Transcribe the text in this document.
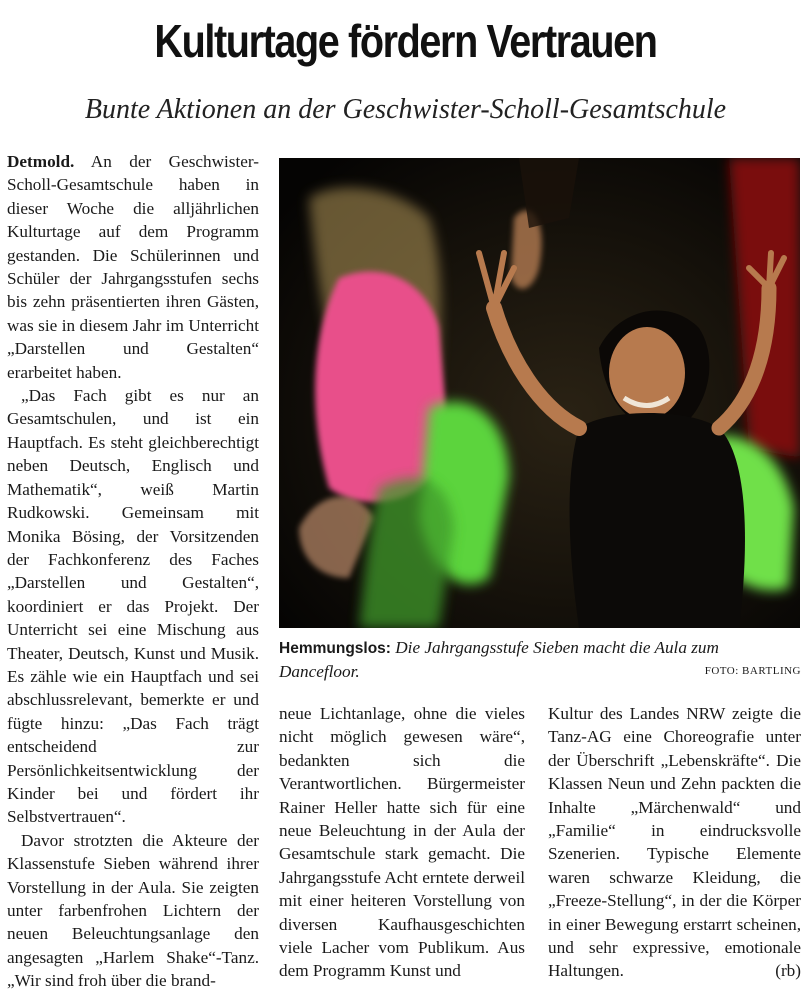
Kulturtage fördern Vertrauen
Bunte Aktionen an der Geschwister-Scholl-Gesamtschule

Detmold. An der Geschwister-Scholl-Gesamtschule haben in dieser Woche die alljährlichen Kulturtage auf dem Programm gestanden. Die Schülerinnen und Schüler der Jahrgangsstufen sechs bis zehn präsentierten ihren Gästen, was sie in diesem Jahr im Unterricht „Darstellen und Gestalten“ erarbeitet haben.

„Das Fach gibt es nur an Gesamtschulen, und ist ein Hauptfach. Es steht gleichberechtigt neben Deutsch, Englisch und Mathematik“, weiß Martin Rudkowski. Gemeinsam mit Monika Bösing, der Vorsitzenden der Fachkonferenz des Faches „Darstellen und Gestalten“, koordiniert er das Projekt. Der Unterricht sei eine Mischung aus Theater, Deutsch, Kunst und Musik. Es zähle wie ein Hauptfach und sei abschlussrelevant, bemerkte er und fügte hinzu: „Das Fach trägt entscheidend zur Persönlichkeitsentwicklung der Kinder bei und fördert ihr Selbstvertrauen“.

Davor strotzten die Akteure der Klassenstufe Sieben während ihrer Vorstellung in der Aula. Sie zeigten unter farbenfrohen Lichtern der neuen Beleuchtungsanlage den angesagten „Harlem Shake“-Tanz. „Wir sind froh über die brand-

Hemmungslos: Die Jahrgangsstufe Sieben macht die Aula zum Dancefloor.	FOTO: BARTLING

neue Lichtanlage, ohne die vieles nicht möglich gewesen wäre“, bedankten sich die Verantwortlichen. Bürgermeister Rainer Heller hatte sich für eine neue Beleuchtung in der Aula der Gesamtschule stark gemacht. Die Jahrgangsstufe Acht erntete derweil mit einer heiteren Vorstellung von diversen Kaufhausgeschichten viele Lacher vom Publikum. Aus dem Programm Kunst und

Kultur des Landes NRW zeigte die Tanz-AG eine Choreografie unter der Überschrift „Lebenskräfte“. Die Klassen Neun und Zehn packten die Inhalte „Märchenwald“ und „Familie“ in eindrucksvolle Szenerien. Typische Elemente waren schwarze Kleidung, die „Freeze-Stellung“, in der die Körper in einer Bewegung erstarrt scheinen, und sehr expressive, emotionale Haltungen.	(rb)
